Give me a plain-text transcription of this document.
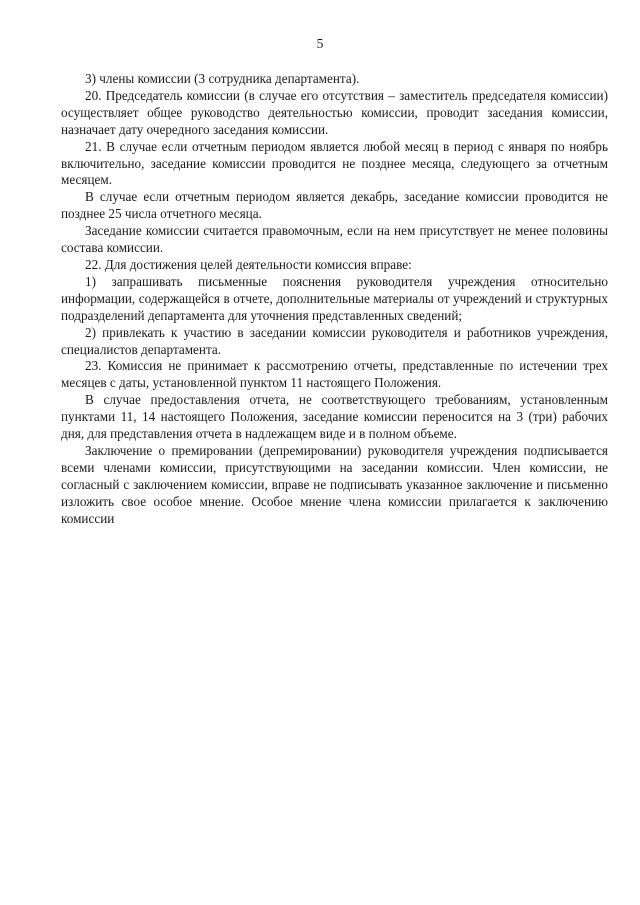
5

3) члены комиссии (3 сотрудника департамента).

20. Председатель комиссии (в случае его отсутствия – заместитель председателя комиссии) осуществляет общее руководство деятельностью комиссии, проводит заседания комиссии, назначает дату очередного заседания комиссии.

21. В случае если отчетным периодом является любой месяц в период с января по ноябрь включительно, заседание комиссии проводится не позднее месяца, следующего за отчетным месяцем.

В случае если отчетным периодом является декабрь, заседание комиссии проводится не позднее 25 числа отчетного месяца.

Заседание комиссии считается правомочным, если на нем присутствует не менее половины состава комиссии.

22. Для достижения целей деятельности комиссия вправе:

1) запрашивать письменные пояснения руководителя учреждения относительно информации, содержащейся в отчете, дополнительные материалы от учреждений и структурных подразделений департамента для уточнения представленных сведений;

2) привлекать к участию в заседании комиссии руководителя и работников учреждения, специалистов департамента.

23. Комиссия не принимает к рассмотрению отчеты, представленные по истечении трех месяцев с даты, установленной пунктом 11 настоящего Положения.

В случае предоставления отчета, не соответствующего требованиям, установленным пунктами 11, 14 настоящего Положения, заседание комиссии переносится на 3 (три) рабочих дня, для представления отчета в надлежащем виде и в полном объеме.

Заключение о премировании (депремировании) руководителя учреждения подписывается всеми членами комиссии, присутствующими на заседании комиссии. Член комиссии, не согласный с заключением комиссии, вправе не подписывать указанное заключение и письменно изложить свое особое мнение. Особое мнение члена комиссии прилагается к заключению комиссии
